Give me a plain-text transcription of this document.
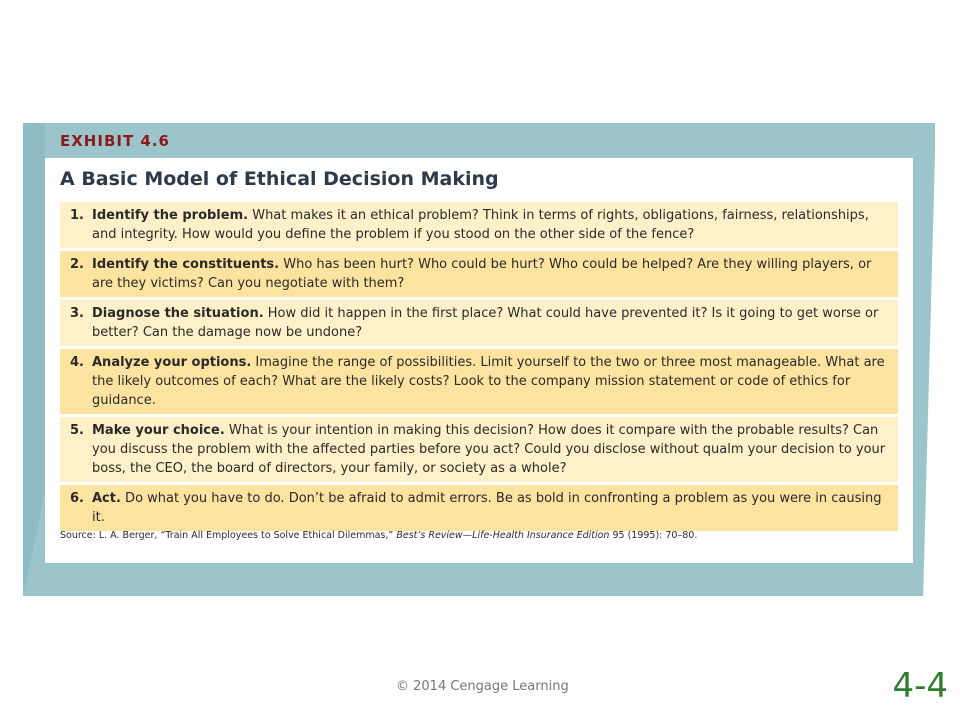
EXHIBIT 4.6
A Basic Model of Ethical Decision Making
1. Identify the problem. What makes it an ethical problem? Think in terms of rights, obligations, fairness, relationships, and integrity. How would you define the problem if you stood on the other side of the fence?
2. Identify the constituents. Who has been hurt? Who could be hurt? Who could be helped? Are they willing players, or are they victims? Can you negotiate with them?
3. Diagnose the situation. How did it happen in the first place? What could have prevented it? Is it going to get worse or better? Can the damage now be undone?
4. Analyze your options. Imagine the range of possibilities. Limit yourself to the two or three most manageable. What are the likely outcomes of each? What are the likely costs? Look to the company mission statement or code of ethics for guidance.
5. Make your choice. What is your intention in making this decision? How does it compare with the probable results? Can you discuss the problem with the affected parties before you act? Could you disclose without qualm your decision to your boss, the CEO, the board of directors, your family, or society as a whole?
6. Act. Do what you have to do. Don’t be afraid to admit errors. Be as bold in confronting a problem as you were in causing it.
Source: L. A. Berger, “Train All Employees to Solve Ethical Dilemmas,” Best’s Review—Life-Health Insurance Edition 95 (1995): 70–80.
© 2014 Cengage Learning	4-4
